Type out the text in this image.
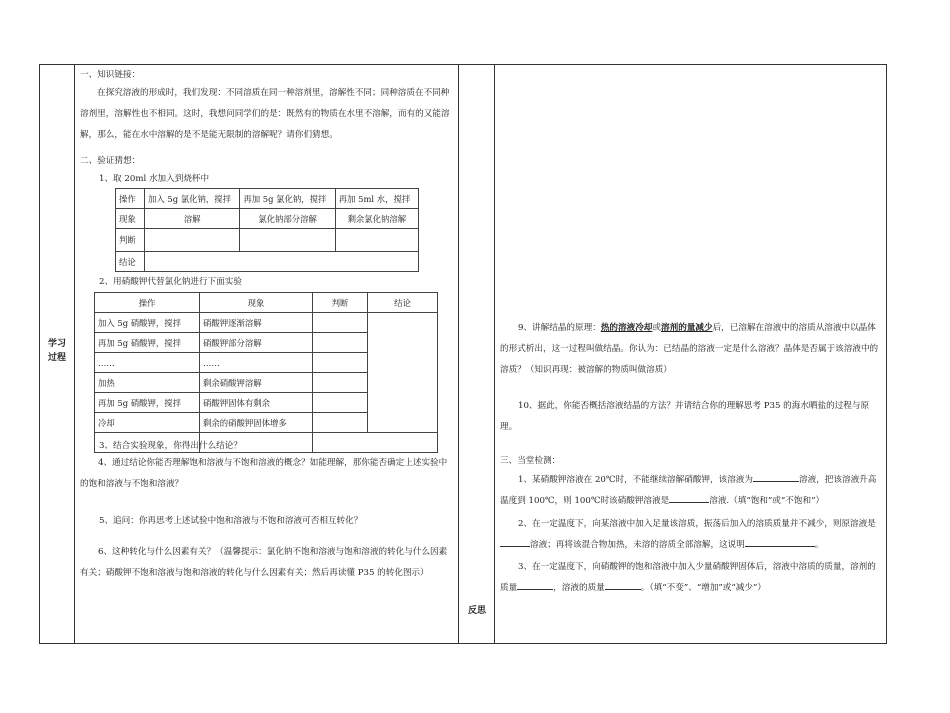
学习
过程
反思
一、知识链接：
在探究溶液的形成时，我们发现：不同溶质在同一种溶剂里，溶解性不同；同种溶质在不同种溶剂里，溶解性也不相同。这时，我想问同学们的是：既然有的物质在水里不溶解，而有的又能溶解，那么，能在水中溶解的是不是能无限制的溶解呢？请你们猜想。
二、验证猜想：
1、取 20ml 水加入到烧杯中
操作	加入 5g 氯化钠，搅拌	再加 5g 氯化钠，搅拌	再加 5ml 水，搅拌
现象	溶解	氯化钠部分溶解	剩余氯化钠溶解
判断			
结论			
2、用硝酸钾代替氯化钠进行下面实验
操作	现象	判断	结论
加入 5g 硝酸钾，搅拌	硝酸钾逐渐溶解		
再加 5g 硝酸钾，搅拌	硝酸钾部分溶解		
……	……		
加热	剩余硝酸钾溶解		
再加 5g 硝酸钾，搅拌	硝酸钾固体有剩余		
冷却	剩余的硝酸钾固体增多		

3、结合实验现象，你得出什么结论？
4、通过结论你能否理解饱和溶液与不饱和溶液的概念？如能理解，那你能否确定上述实验中的饱和溶液与不饱和溶液？
5、追问：你再思考上述试验中饱和溶液与不饱和溶液可否相互转化？
6、这种转化与什么因素有关？（温馨提示：氯化钠不饱和溶液与饱和溶液的转化与什么因素有关；硝酸钾不饱和溶液与饱和溶液的转化与什么因素有关；然后再读懂 P35 的转化图示）
9、讲解结晶的原理：热的溶液冷却或溶剂的量减少后，已溶解在溶液中的溶质从溶液中以晶体的形式析出，这一过程叫做结晶。你认为：已结晶的溶液一定是什么溶液？晶体是否属于该溶液中的溶质？（知识再现：被溶解的物质叫做溶质）
10、据此，你能否概括溶液结晶的方法？并请结合你的理解思考 P35 的海水晒盐的过程与原理。
三、当堂检测：
1、某硝酸钾溶液在 20℃时，不能继续溶解硝酸钾，该溶液为	溶液，把该溶液升高温度到 100℃，则 100℃时该硝酸钾溶液是	溶液.（填“饱和”或“不饱和”）
2、在一定温度下，向某溶液中加入足量该溶质，振荡后加入的溶质质量并不减少，则原溶液是溶液；再将该混合物加热，未溶的溶质全部溶解，这说明	。
3、在一定温度下，向硝酸钾的饱和溶液中加入少量硝酸钾固体后，溶液中溶质的质量，溶剂的质量	，溶液的质量	。（填“不变”、“增加”或“减少”）
